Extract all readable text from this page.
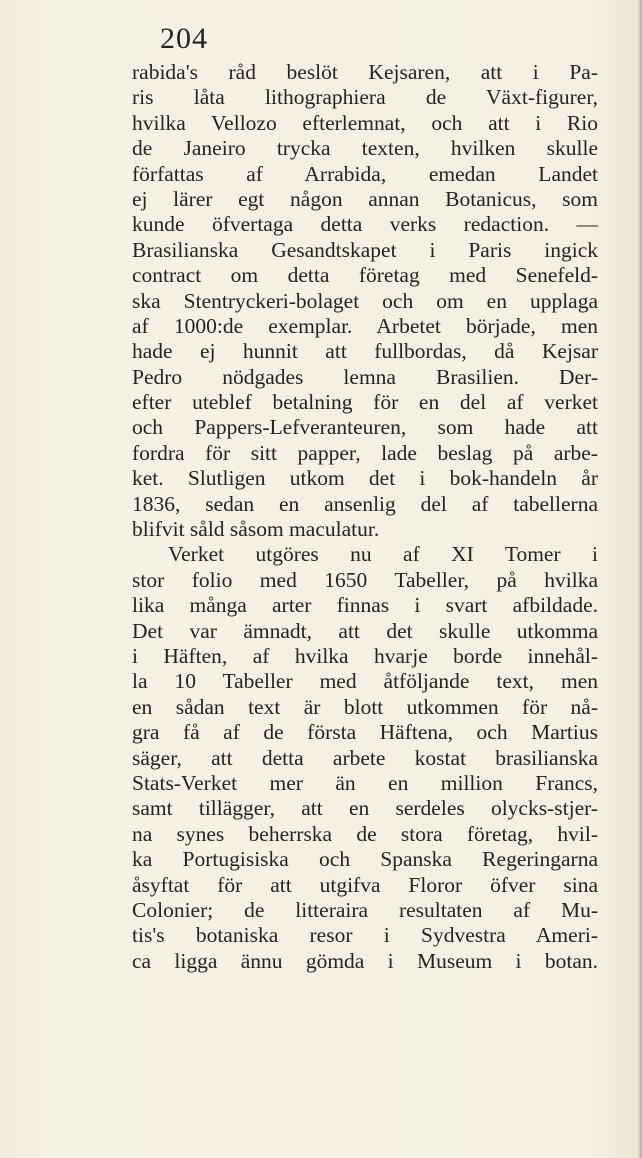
204
rabida's råd beslöt Kejsaren, att i Pa-
ris låta lithographiera de Växt-figurer,
hvilka Vellozo efterlemnat, och att i Rio
de Janeiro trycka texten, hvilken skulle
författas af Arrabida, emedan Landet
ej lärer egt någon annan Botanicus, som
kunde öfvertaga detta verks redaction. —
Brasilianska Gesandtskapet i Paris ingick
contract om detta företag med Senefeld-
ska Stentryckeri-bolaget och om en upplaga
af 1000:de exemplar. Arbetet började, men
hade ej hunnit att fullbordas, då Kejsar
Pedro nödgades lemna Brasilien. Der-
efter uteblef betalning för en del af verket
och Pappers-Lefveranteuren, som hade att
fordra för sitt papper, lade beslag på arbe-
ket. Slutligen utkom det i bok-handeln år
1836, sedan en ansenlig del af tabellerna
blifvit såld såsom maculatur.
Verket utgöres nu af XI Tomer i
stor folio med 1650 Tabeller, på hvilka
lika många arter finnas i svart afbildade.
Det var ämnadt, att det skulle utkomma
i Häften, af hvilka hvarje borde innehål-
la 10 Tabeller med åtföljande text, men
en sådan text är blott utkommen för nå-
gra få af de första Häftena, och Martius
säger, att detta arbete kostat brasilianska
Stats-Verket mer än en million Francs,
samt tillägger, att en serdeles olycks-stjer-
na synes beherrska de stora företag, hvil-
ka Portugisiska och Spanska Regeringarna
åsyftat för att utgifva Floror öfver sina
Colonier; de litteraira resultaten af Mu-
tis's botaniska resor i Sydvestra Ameri-
ca ligga ännu gömda i Museum i botan.
